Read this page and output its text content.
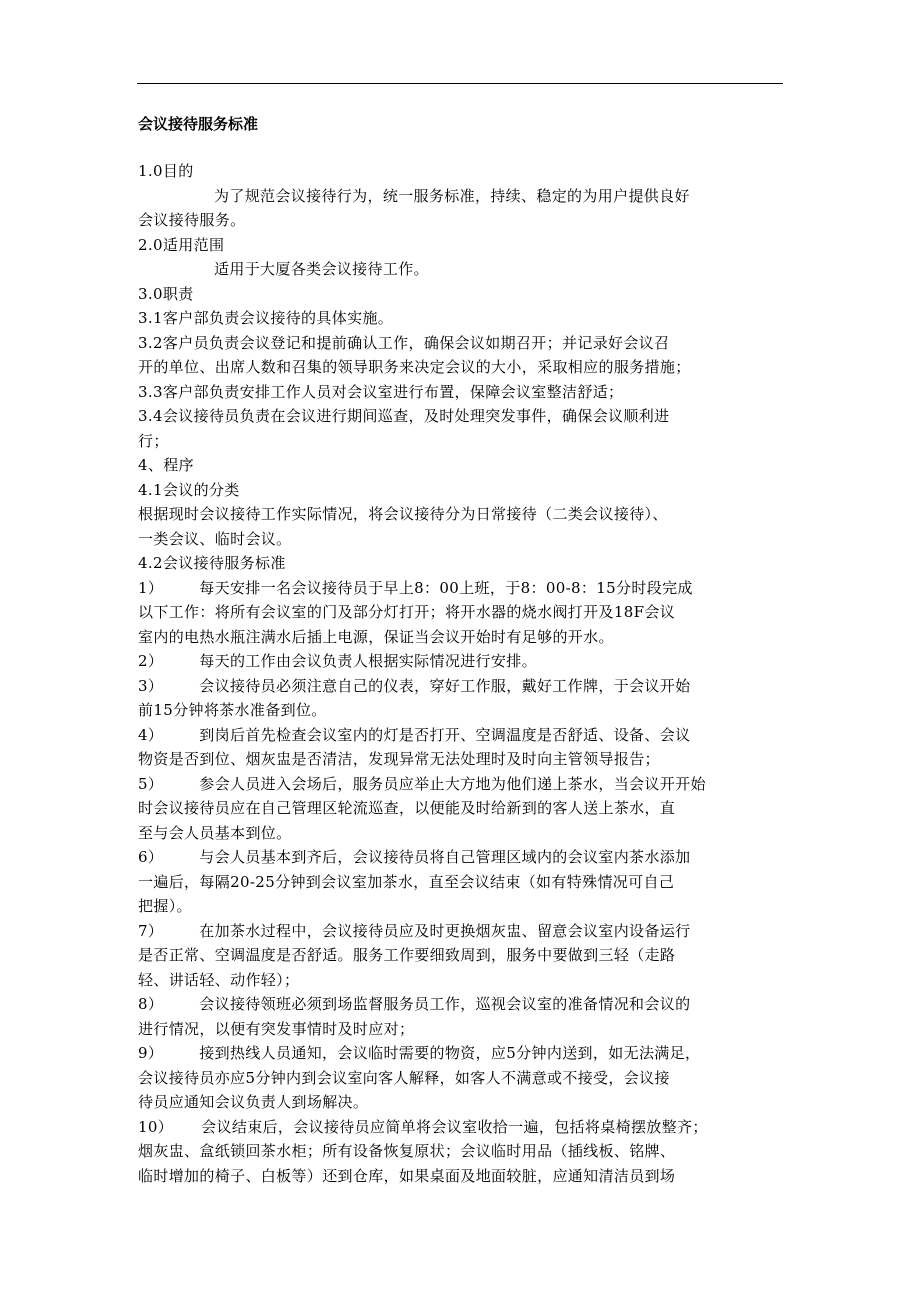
会议接待服务标准
1.0目的
为了规范会议接待行为，统一服务标准，持续、稳定的为用户提供良好
会议接待服务。
2.0适用范围
适用于大厦各类会议接待工作。
3.0职责
3.1客户部负责会议接待的具体实施。
3.2客户员负责会议登记和提前确认工作，确保会议如期召开；并记录好会议召
开的单位、出席人数和召集的领导职务来决定会议的大小，采取相应的服务措施；
3.3客户部负责安排工作人员对会议室进行布置，保障会议室整洁舒适；
3.4会议接待员负责在会议进行期间巡查，及时处理突发事件，确保会议顺利进
行；
4、程序
4.1会议的分类
根据现时会议接待工作实际情况，将会议接待分为日常接待（二类会议接待）、
一类会议、临时会议。
4.2会议接待服务标准
1） 每天安排一名会议接待员于早上8：00上班，于8：00-8：15分时段完成
以下工作：将所有会议室的门及部分灯打开；将开水器的烧水阀打开及18F会议
室内的电热水瓶注满水后插上电源，保证当会议开始时有足够的开水。
2） 每天的工作由会议负责人根据实际情况进行安排。
3） 会议接待员必须注意自己的仪表，穿好工作服，戴好工作牌，于会议开始
前15分钟将茶水准备到位。
4） 到岗后首先检查会议室内的灯是否打开、空调温度是否舒适、设备、会议
物资是否到位、烟灰盅是否清洁，发现异常无法处理时及时向主管领导报告；
5） 参会人员进入会场后，服务员应举止大方地为他们递上茶水，当会议开开始
时会议接待员应在自己管理区轮流巡查，以便能及时给新到的客人送上茶水，直
至与会人员基本到位。
6） 与会人员基本到齐后，会议接待员将自己管理区域内的会议室内茶水添加
一遍后，每隔20-25分钟到会议室加茶水，直至会议结束（如有特殊情况可自己
把握）。
7） 在加茶水过程中，会议接待员应及时更换烟灰盅、留意会议室内设备运行
是否正常、空调温度是否舒适。服务工作要细致周到，服务中要做到三轻（走路
轻、讲话轻、动作轻）；
8） 会议接待领班必须到场监督服务员工作，巡视会议室的准备情况和会议的
进行情况，以便有突发事情时及时应对；
9） 接到热线人员通知，会议临时需要的物资，应5分钟内送到，如无法满足，
会议接待员亦应5分钟内到会议室向客人解释，如客人不满意或不接受，会议接
待员应通知会议负责人到场解决。
10） 会议结束后，会议接待员应简单将会议室收拾一遍，包括将桌椅摆放整齐；
烟灰盅、盒纸锁回茶水柜；所有设备恢复原状；会议临时用品（插线板、铭牌、
临时增加的椅子、白板等）还到仓库，如果桌面及地面较脏，应通知清洁员到场
